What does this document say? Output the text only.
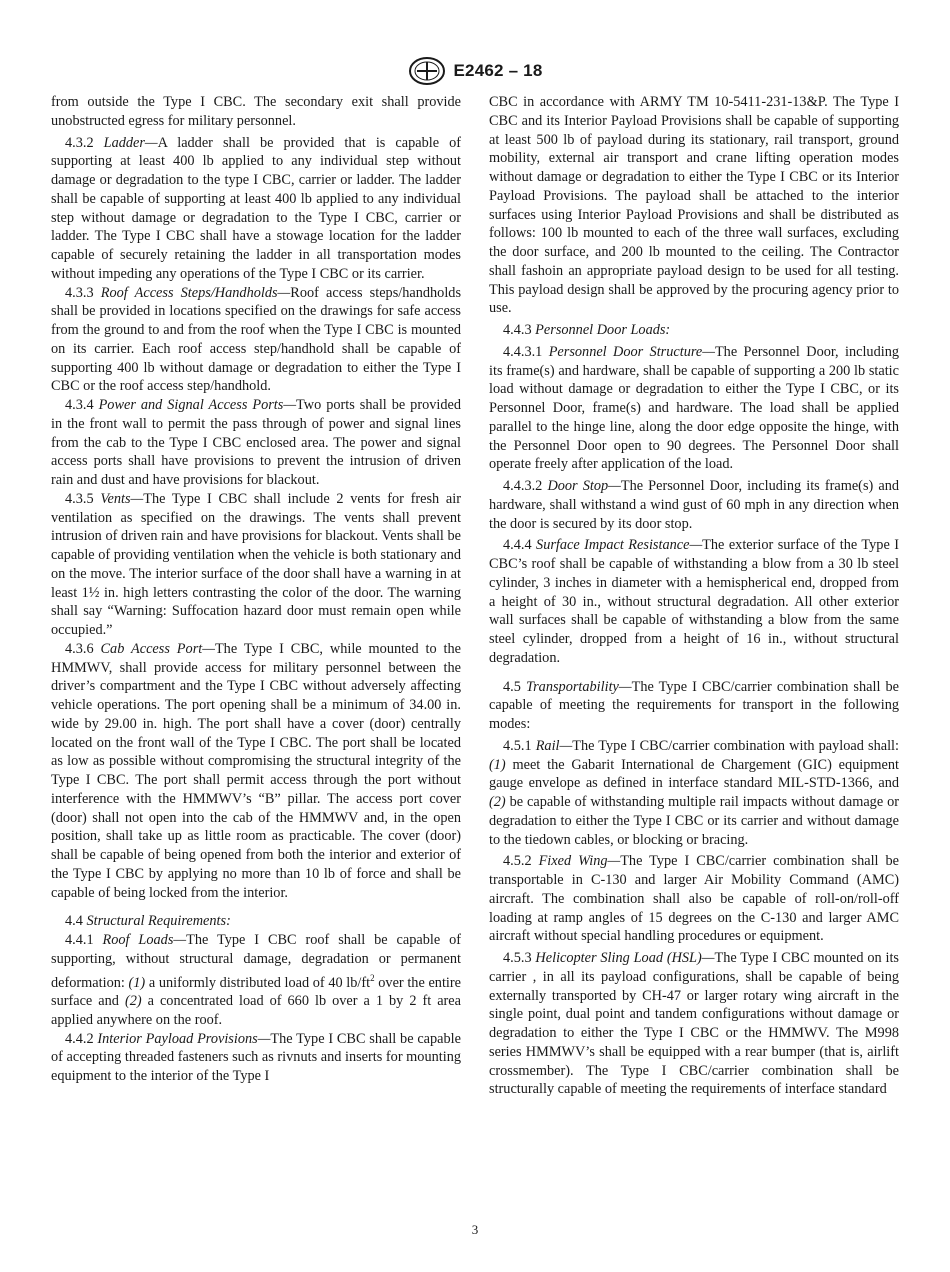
E2462 – 18

from outside the Type I CBC. The secondary exit shall provide unobstructed egress for military personnel.

4.3.2 Ladder—A ladder shall be provided that is capable of supporting at least 400 lb applied to any individual step without damage or degradation to the type I CBC, carrier or ladder. The ladder shall be capable of supporting at least 400 lb applied to any individual step without damage or degradation to the Type I CBC, carrier or ladder. The Type I CBC shall have a stowage location for the ladder capable of securely retaining the ladder in all transportation modes without impeding any operations of the Type I CBC or its carrier.

4.3.3 Roof Access Steps/Handholds—Roof access steps/handholds shall be provided in locations specified on the drawings for safe access from the ground to and from the roof when the Type I CBC is mounted on its carrier. Each roof access step/handhold shall be capable of supporting 400 lb without damage or degradation to either the Type I CBC or the roof access step/handhold.

4.3.4 Power and Signal Access Ports—Two ports shall be provided in the front wall to permit the pass through of power and signal lines from the cab to the Type I CBC enclosed area. The power and signal access ports shall have provisions to prevent the intrusion of driven rain and dust and have provisions for blackout.

4.3.5 Vents—The Type I CBC shall include 2 vents for fresh air ventilation as specified on the drawings. The vents shall prevent intrusion of driven rain and have provisions for blackout. Vents shall be capable of providing ventilation when the vehicle is both stationary and on the move. The interior surface of the door shall have a warning in at least 1½ in. high letters contrasting the color of the door. The warning shall say “Warning: Suffocation hazard door must remain open while occupied.”

4.3.6 Cab Access Port—The Type I CBC, while mounted to the HMMWV, shall provide access for military personnel between the driver’s compartment and the Type I CBC without adversely affecting vehicle operations. The port opening shall be a minimum of 34.00 in. wide by 29.00 in. high. The port shall have a cover (door) centrally located on the front wall of the Type I CBC. The port shall be located as low as possible without compromising the structural integrity of the Type I CBC. The port shall permit access through the port without interference with the HMMWV’s “B” pillar. The access port cover (door) shall not open into the cab of the HMMWV and, in the open position, shall take up as little room as practicable. The cover (door) shall be capable of being opened from both the interior and exterior of the Type I CBC by applying no more than 10 lb of force and shall be capable of being locked from the interior.

4.4 Structural Requirements:

4.4.1 Roof Loads—The Type I CBC roof shall be capable of supporting, without structural damage, degradation or permanent deformation: (1) a uniformly distributed load of 40 $lb/ft^2$ over the entire surface and (2) a concentrated load of 660 lb over a 1 by 2 ft area applied anywhere on the roof.

4.4.2 Interior Payload Provisions—The Type I CBC shall be capable of accepting threaded fasteners such as rivnuts and inserts for mounting equipment to the interior of the Type I

CBC in accordance with ARMY TM 10-5411-231-13&P. The Type I CBC and its Interior Payload Provisions shall be capable of supporting at least 500 lb of payload during its stationary, rail transport, ground mobility, external air transport and crane lifting operation modes without damage or degradation to either the Type I CBC or its Interior Payload Provisions. The payload shall be attached to the interior surfaces using Interior Payload Provisions and shall be distributed as follows: 100 lb mounted to each of the three wall surfaces, excluding the door surface, and 200 lb mounted to the ceiling. The Contractor shall fashoin an appropriate payload design to be used for all testing. This payload design shall be approved by the procuring agency prior to use.

4.4.3 Personnel Door Loads:

4.4.3.1 Personnel Door Structure—The Personnel Door, including its frame(s) and hardware, shall be capable of supporting a 200 lb static load without damage or degradation to either the Type I CBC, or its Personnel Door, frame(s) and hardware. The load shall be applied parallel to the hinge line, along the door edge opposite the hinge, with the Personnel Door open to 90 degrees. The Personnel Door shall operate freely after application of the load.

4.4.3.2 Door Stop—The Personnel Door, including its frame(s) and hardware, shall withstand a wind gust of 60 mph in any direction when the door is secured by its door stop.

4.4.4 Surface Impact Resistance—The exterior surface of the Type I CBC’s roof shall be capable of withstanding a blow from a 30 lb steel cylinder, 3 inches in diameter with a hemispherical end, dropped from a height of 30 in., without structural degradation. All other exterior wall surfaces shall be capable of withstanding a blow from the same steel cylinder, dropped from a height of 16 in., without structural degradation.

4.5 Transportability—The Type I CBC/carrier combination shall be capable of meeting the requirements for transport in the following modes:

4.5.1 Rail—The Type I CBC/carrier combination with payload shall: (1) meet the Gabarit International de Chargement (GIC) equipment gauge envelope as defined in interface standard MIL-STD-1366, and (2) be capable of withstanding multiple rail impacts without damage or degradation to either the Type I CBC or its carrier and without damage to the tiedown cables, or blocking or bracing.

4.5.2 Fixed Wing—The Type I CBC/carrier combination shall be transportable in C-130 and larger Air Mobility Command (AMC) aircraft. The combination shall also be capable of roll-on/roll-off loading at ramp angles of 15 degrees on the C-130 and larger AMC aircraft without special handling procedures or equipment.

4.5.3 Helicopter Sling Load (HSL)—The Type I CBC mounted on its carrier , in all its payload configurations, shall be capable of being externally transported by CH-47 or larger rotary wing aircraft in the single point, dual point and tandem configurations without damage or degradation to either the Type I CBC or the HMMWV. The M998 series HMMWV’s shall be equipped with a rear bumper (that is, airlift crossmember). The Type I CBC/carrier combination shall be structurally capable of meeting the requirements of interface standard

3
